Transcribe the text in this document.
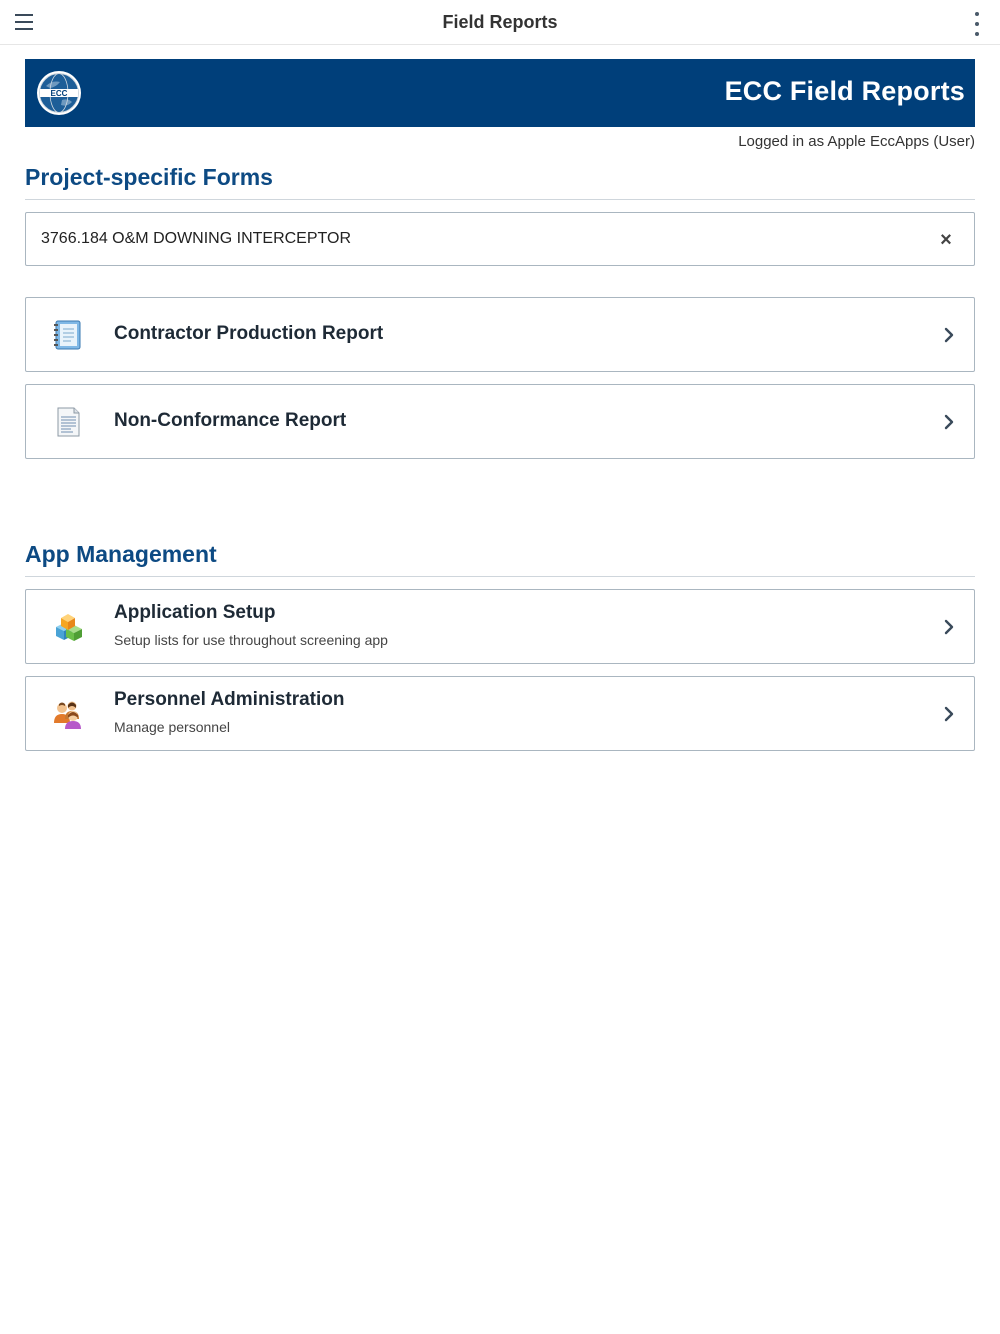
Field Reports
ECC	ECC Field Reports
Logged in as Apple EccApps (User)
Project-specific Forms
3766.184 O&M DOWNING INTERCEPTOR	×
Contractor Production Report
Non-Conformance Report
App Management
Application Setup
Setup lists for use throughout screening app
Personnel Administration
Manage personnel
